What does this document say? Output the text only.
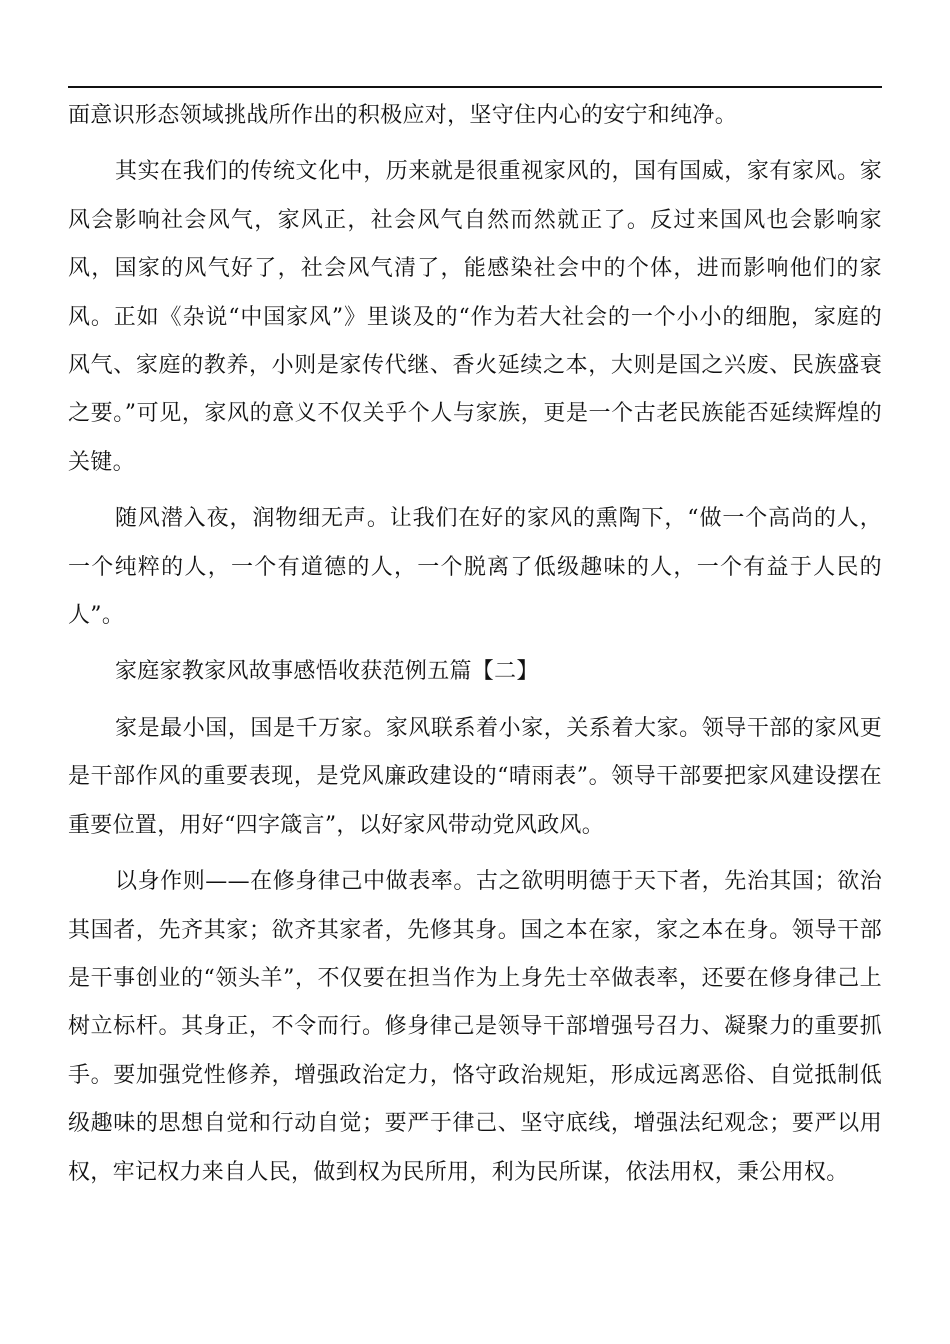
面意识形态领域挑战所作出的积极应对，坚守住内心的安宁和纯净。

其实在我们的传统文化中，历来就是很重视家风的，国有国威，家有家风。家风会影响社会风气，家风正，社会风气自然而然就正了。反过来国风也会影响家风，国家的风气好了，社会风气清了，能感染社会中的个体，进而影响他们的家风。正如《杂说“中国家风”》里谈及的“作为若大社会的一个小小的细胞，家庭的风气、家庭的教养，小则是家传代继、香火延续之本，大则是国之兴废、民族盛衰之要。”可见，家风的意义不仅关乎个人与家族，更是一个古老民族能否延续辉煌的关键。

随风潜入夜，润物细无声。让我们在好的家风的熏陶下，“做一个高尚的人，一个纯粹的人，一个有道德的人，一个脱离了低级趣味的人，一个有益于人民的人”。

家庭家教家风故事感悟收获范例五篇【二】

家是最小国，国是千万家。家风联系着小家，关系着大家。领导干部的家风更是干部作风的重要表现，是党风廉政建设的“晴雨表”。领导干部要把家风建设摆在重要位置，用好“四字箴言”，以好家风带动党风政风。

以身作则——在修身律己中做表率。古之欲明明德于天下者，先治其国；欲治其国者，先齐其家；欲齐其家者，先修其身。国之本在家，家之本在身。领导干部是干事创业的“领头羊”，不仅要在担当作为上身先士卒做表率，还要在修身律己上树立标杆。其身正，不令而行。修身律己是领导干部增强号召力、凝聚力的重要抓手。要加强党性修养，增强政治定力，恪守政治规矩，形成远离恶俗、自觉抵制低级趣味的思想自觉和行动自觉；要严于律己、坚守底线，增强法纪观念；要严以用权，牢记权力来自人民，做到权为民所用，利为民所谋，依法用权，秉公用权。
